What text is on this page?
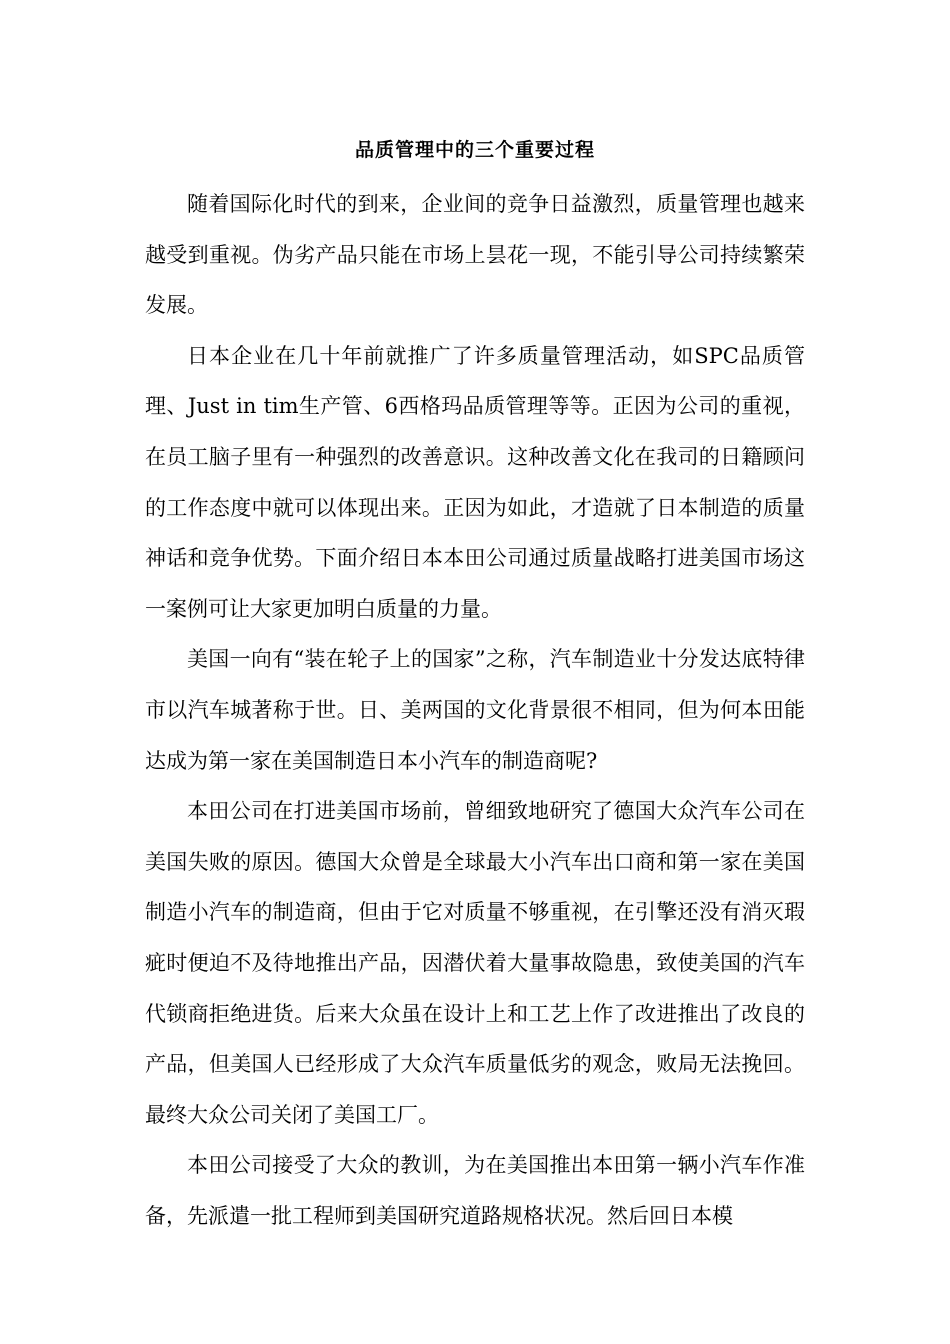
品质管理中的三个重要过程

随着国际化时代的到来，企业间的竞争日益激烈，质量管理也越来越受到重视。伪劣产品只能在市场上昙花一现，不能引导公司持续繁荣发展。

日本企业在几十年前就推广了许多质量管理活动，如SPC品质管理、Just in tim生产管、6西格玛品质管理等等。正因为公司的重视，在员工脑子里有一种强烈的改善意识。这种改善文化在我司的日籍顾问的工作态度中就可以体现出来。正因为如此，才造就了日本制造的质量神话和竞争优势。下面介绍日本本田公司通过质量战略打进美国市场这一案例可让大家更加明白质量的力量。

美国一向有“装在轮子上的国家”之称，汽车制造业十分发达底特律市以汽车城著称于世。日、美两国的文化背景很不相同，但为何本田能达成为第一家在美国制造日本小汽车的制造商呢?

本田公司在打进美国市场前，曾细致地研究了德国大众汽车公司在美国失败的原因。德国大众曾是全球最大小汽车出口商和第一家在美国制造小汽车的制造商，但由于它对质量不够重视，在引擎还没有消灭瑕疵时便迫不及待地推出产品，因潜伏着大量事故隐患，致使美国的汽车代锁商拒绝进货。后来大众虽在设计上和工艺上作了改进推出了改良的产品，但美国人已经形成了大众汽车质量低劣的观念，败局无法挽回。最终大众公司关闭了美国工厂。

本田公司接受了大众的教训，为在美国推出本田第一辆小汽车作准备，先派遣一批工程师到美国研究道路规格状况。然后回日本模
